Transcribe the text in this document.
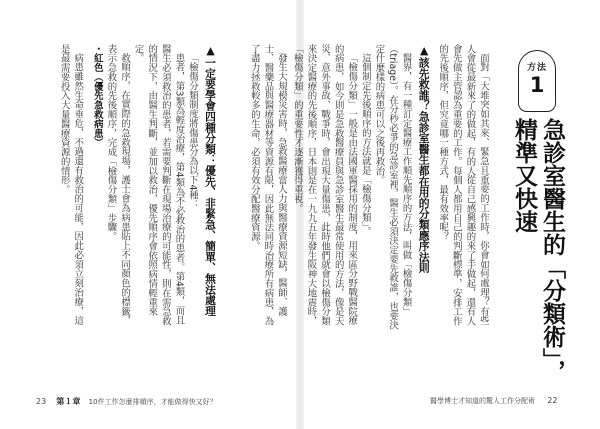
方法
1

急診室醫生的「分類術」，

精準又快速

面對「大堆突如其來、緊急且重要的工作時，你會如何處理？有些人會從最新來了的做起，有的人從自己感興趣的來了手做起，還有人會先做主管認為重要的工作。每個人都用自己的判斷標準，安排工作的先後順序，但究竟哪一種方式，最有效率呢？

▲該先救誰？急診室醫生都在用的分類應序法則

醫界，有一種訂定醫療工作順先順序的方法，叫做「檢傷分類」（triage）。在分秒必爭的急診室裡，醫生必須決定要先救誰，也要決定什麼樣的病患可以之後再救治。

這個制定先後順序的方法就是「檢傷分類」。

「檢傷分類」一般是由法國軍醫採用的制度，用來區分野戰醫院療的病患，如今則是急救醫療員與急診室醫生最常使用的方法，像是天災、意外事故、戰爭時，會出現大量傷患，此時他們就會以檢傷分類來決定醫療的先後順序，日本則是在一九九五年發生阪神大地震時，「檢傷分類」的重要性才逐漸獲得重視。

發生大規模災害時，急救醫療當人力與醫療資源短缺，醫師、護士、醫藥品與醫療器材等資源有限，因此無法同時治療所有病患，為了盡力拯救較多的生命，必須有效分配醫療資源。

醫學博士才知道的驚人工作分配術 22

▲一定要學會四種分類：優先、非緊急、簡單、無法處理

「檢傷分類制度將傷患分為以下4種：

患者，第3類為輕度治療，第4類為不必救治的患者。第4類，而且醫生必須救治的患者，若需要判斷在現場治療的可能性，則在需急救的情況下，由醫生判斷，並加以救治，優先順序會依照病情輕重來定。

救順序，在實際的急救現場，護士會為病患貼上不同顏色的標籤，表示急救的先後順序，完成「檢傷分類」步驟。

・紅色（優先急救病患）

病患雖然生命垂危，不過還有救治的可能，因此必須立刻治療，這是最需要投入大量醫療資源的情形。

23 第１章 10件工作怎麼排順序，才能做得快又好？
